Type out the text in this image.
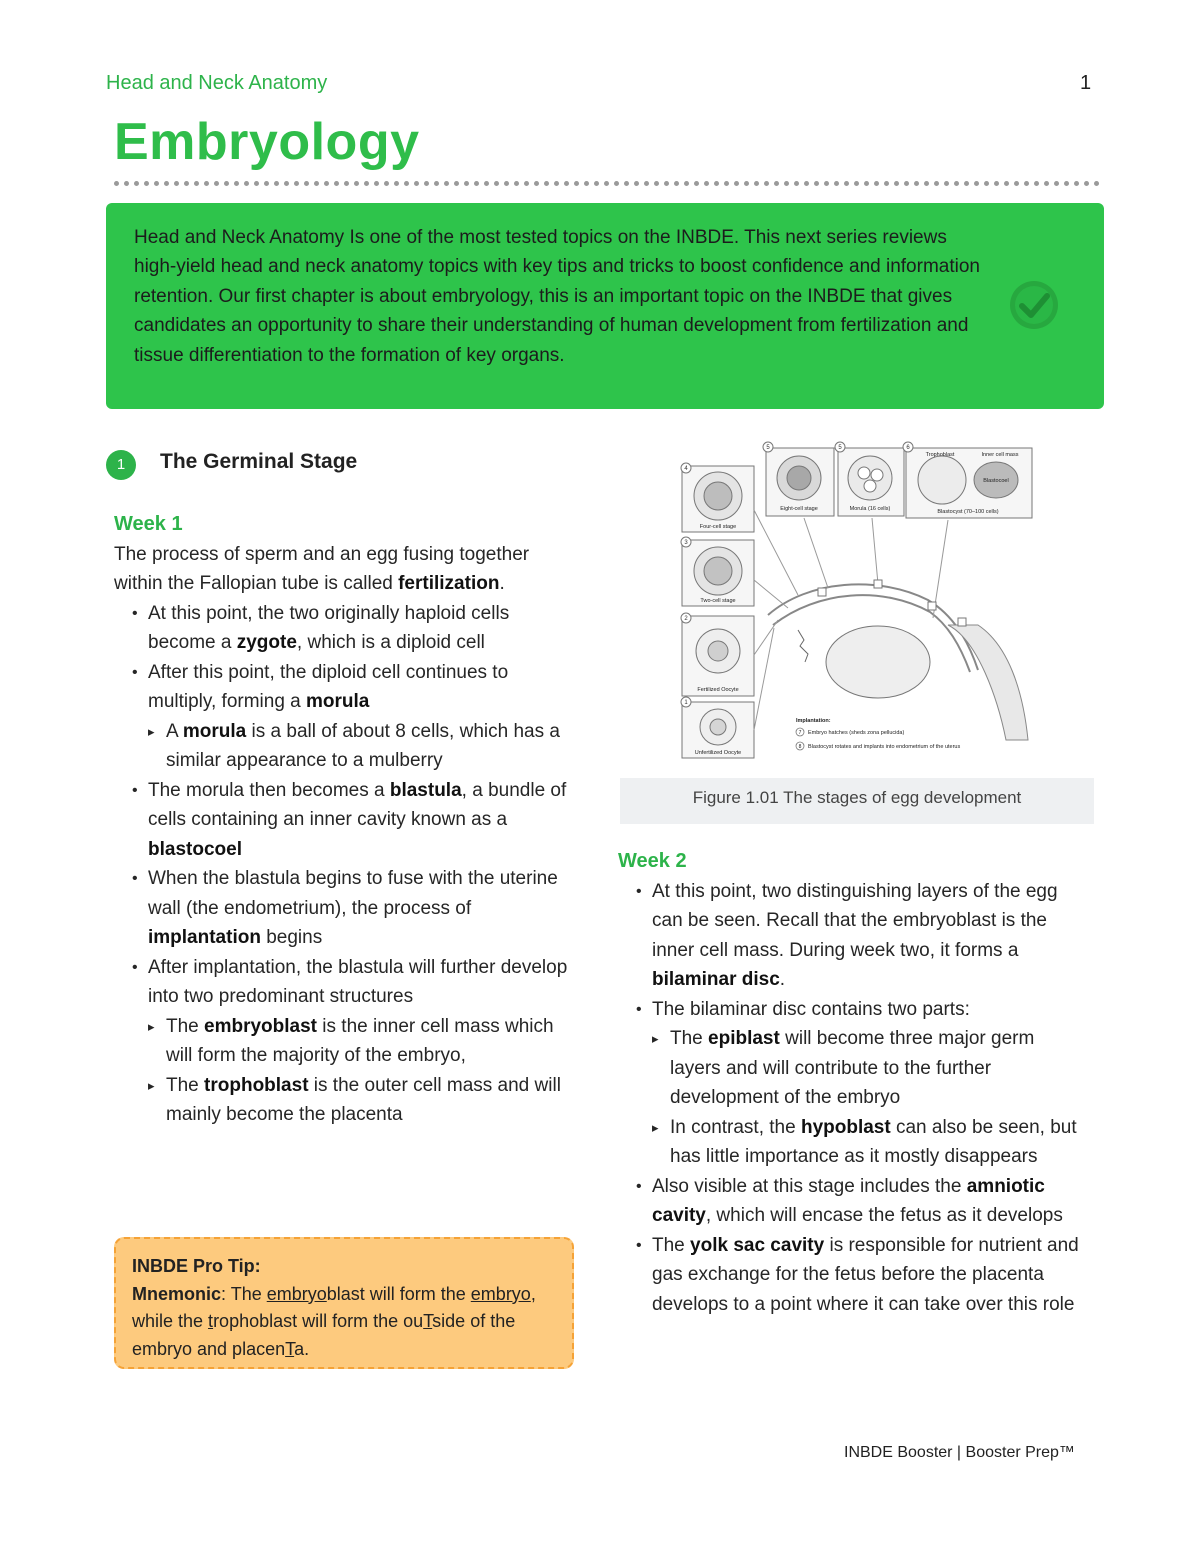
Head and Neck Anatomy	1
Embryology
Head and Neck Anatomy Is one of the most tested topics on the INBDE. This next series reviews high-yield head and neck anatomy topics with key tips and tricks to boost confidence and information retention. Our first chapter is about embryology, this is an important topic on the INBDE that gives candidates an opportunity to share their understanding of human development from fertilization and tissue differentiation to the formation of key organs.
1	The Germinal Stage

Week 1

The process of sperm and an egg fusing together within the Fallopian tube is called fertilization.

• At this point, the two originally haploid cells become a zygote, which is a diploid cell

• After this point, the diploid cell continues to multiply, forming a morula

▸ A morula is a ball of about 8 cells, which has a similar appearance to a mulberry

• The morula then becomes a blastula, a bundle of cells containing an inner cavity known as a blastocoel

• When the blastula begins to fuse with the uterine wall (the endometrium), the process of implantation begins

• After implantation, the blastula will further develop into two predominant structures

▸ The embryoblast is the inner cell mass which will form the majority of the embryo,

▸ The trophoblast is the outer cell mass and will mainly become the placenta

INBDE Pro Tip:
Mnemonic: The embryoblast will form the embryo, while the trophoblast will form the ouTside of the embryo and placenTa.
4
3
2
1
5	5	6
Four-cell stage
Two-cell stage
Fertilized Oocyte
Unfertilized Oocyte
Eight-cell stage	Morula (16 cells)	Blastocyst (70–100 cells)
Trophoblast	Inner cell mass
Blastocoel
Implantation:
7 Embryo hatches (sheds zona pellucida)
8 Blastocyst rotates and implants into endometrium of the uterus
Figure 1.01 The stages of egg development

Week 2

• At this point, two distinguishing layers of the egg can be seen. Recall that the embryoblast is the inner cell mass. During week two, it forms a bilaminar disc.

• The bilaminar disc contains two parts:

▸ The epiblast will become three major germ layers and will contribute to the further development of the embryo

▸ In contrast, the hypoblast can also be seen, but has little importance as it mostly disappears

• Also visible at this stage includes the amniotic cavity, which will encase the fetus as it develops

• The yolk sac cavity is responsible for nutrient and gas exchange for the fetus before the placenta develops to a point where it can take over this role

INBDE Booster | Booster Prep™
